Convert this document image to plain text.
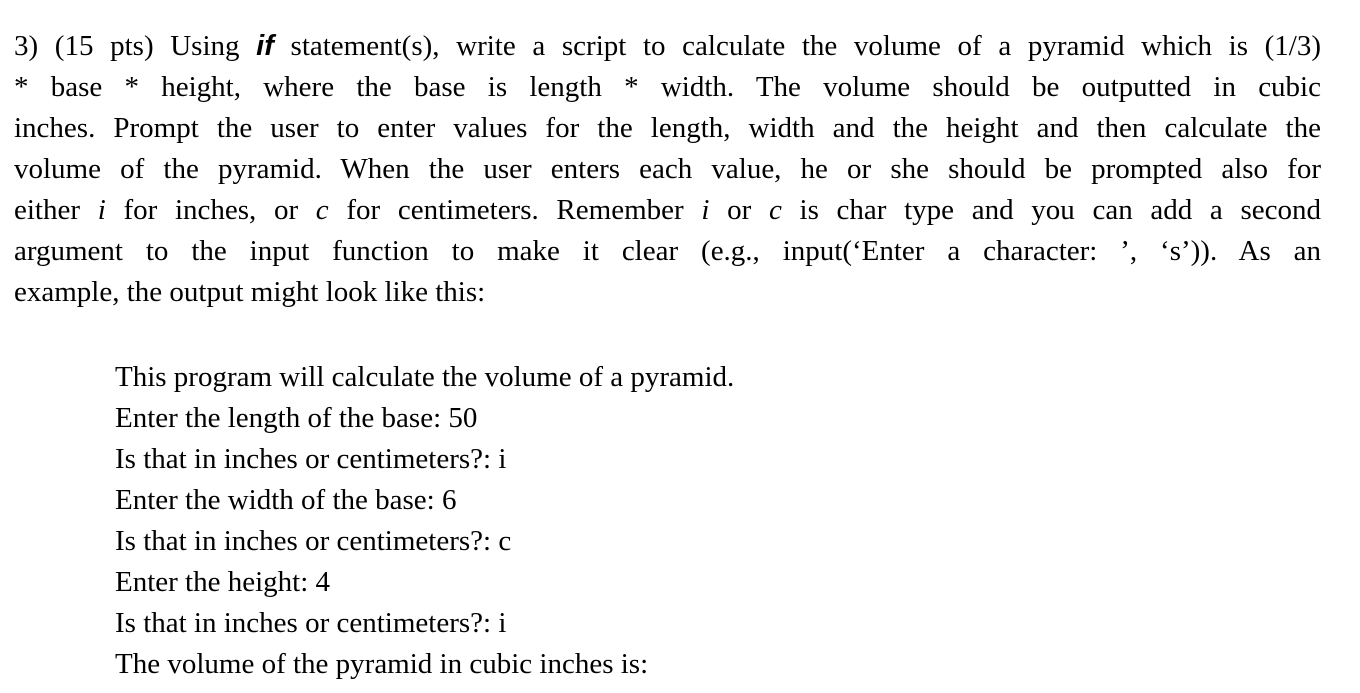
3) (15 pts) Using if statement(s), write a script to calculate the volume of a pyramid which is (1/3)
* base * height, where the base is length * width. The volume should be outputted in cubic
inches. Prompt the user to enter values for the length, width and the height and then calculate the
volume of the pyramid. When the user enters each value, he or she should be prompted also for
either i for inches, or c for centimeters. Remember i or c is char type and you can add a second
argument to the input function to make it clear (e.g., input(‘Enter a character: ’, ‘s’)). As an
example, the output might look like this:
This program will calculate the volume of a pyramid.
Enter the length of the base: 50
Is that in inches or centimeters?: i
Enter the width of the base: 6
Is that in inches or centimeters?: c
Enter the height: 4
Is that in inches or centimeters?: i
The volume of the pyramid in cubic inches is:
